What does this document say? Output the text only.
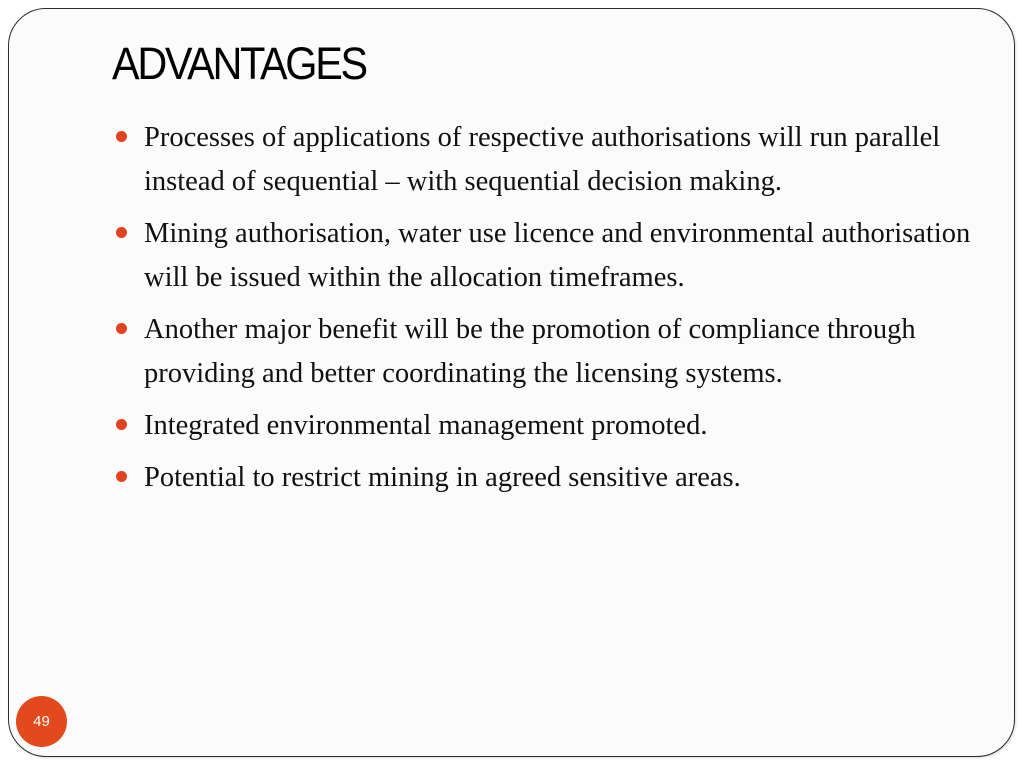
ADVANTAGES
Processes of applications of respective authorisations will run parallel instead of sequential – with sequential decision making.
Mining authorisation, water use licence and environmental authorisation will be issued within the allocation timeframes.
Another major benefit will be the promotion of compliance through providing and better coordinating the licensing systems.
Integrated environmental management promoted.
Potential to restrict mining in agreed sensitive areas.
49
